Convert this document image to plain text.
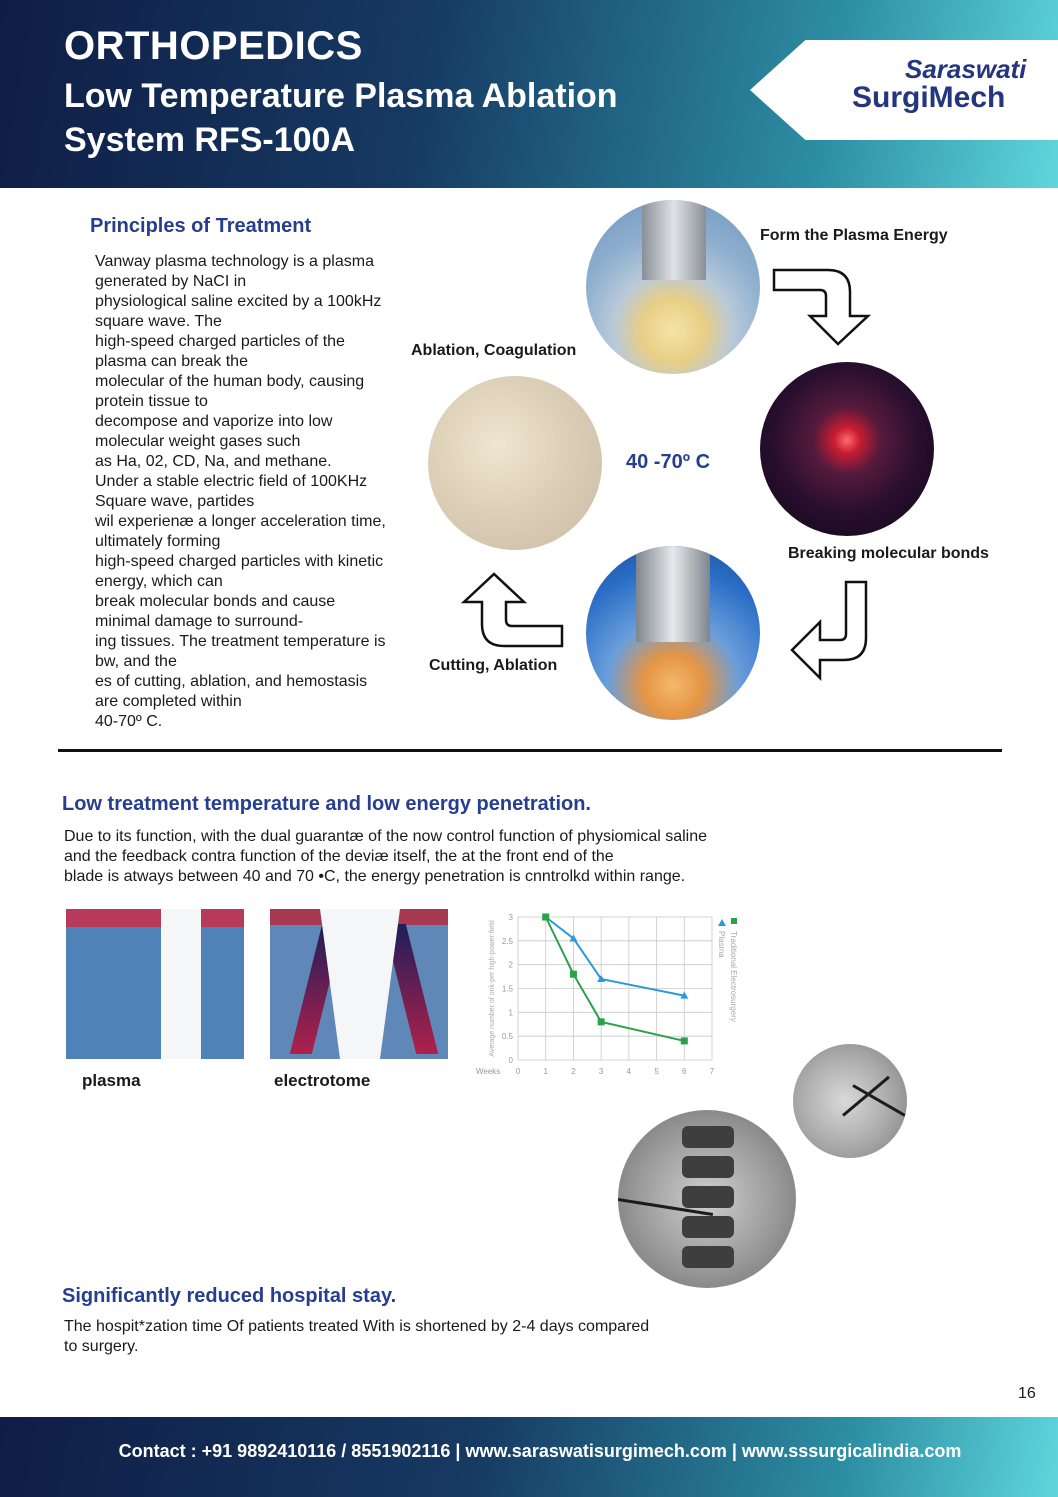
ORTHOPEDICS
Low Temperature Plasma Ablation System RFS-100A
Saraswati
SurgiMech
Principles of Treatment
Vanway plasma technology is a plasma
generated by NaCI in
physiological saline excited by a 100kHz
square wave. The
high-speed charged particles of the
plasma can break the
molecular of the human body, causing
protein tissue to
decompose and vaporize into low
molecular weight gases such
as Ha, 02, CD, Na, and methane.
Under a stable electric field of 100KHz
Square wave, partides
wil experienæ a longer acceleration time,
ultimately forming
high-speed charged particles with kinetic
energy, which can
break molecular bonds and cause
minimal damage to surround-
ing tissues. The treatment temperature is
bw, and the
es of cutting, ablation, and hemostasis
are completed within
40-70º C.

Form the Plasma Energy

Ablation, Coagulation

40 -70º C

Breaking molecular bonds

Cutting, Ablation

Low treatment temperature and low energy penetration.
Due to its function, with the dual guarantæ of the now control function of physiomical saline
and the feedback contra function of the deviæ itself, the at the front end of the
blade is atways between 40 and 70 •C, the energy penetration is cnntrolkd within range.

plasma	electrotome	0	1	2	3	4	5	6	7
0
0.5
1
1.5
2
2.5
3
Weeks
Average number of onk-per high-power field	Plasma Traditional Electrosurgery
Significantly reduced hospital stay.
The hospit*zation time Of patients treated With is shortened by 2-4 days compared
to surgery.

16

Contact : +91 9892410116 / 8551902116 | www.saraswatisurgimech.com | www.sssurgicalindia.com
